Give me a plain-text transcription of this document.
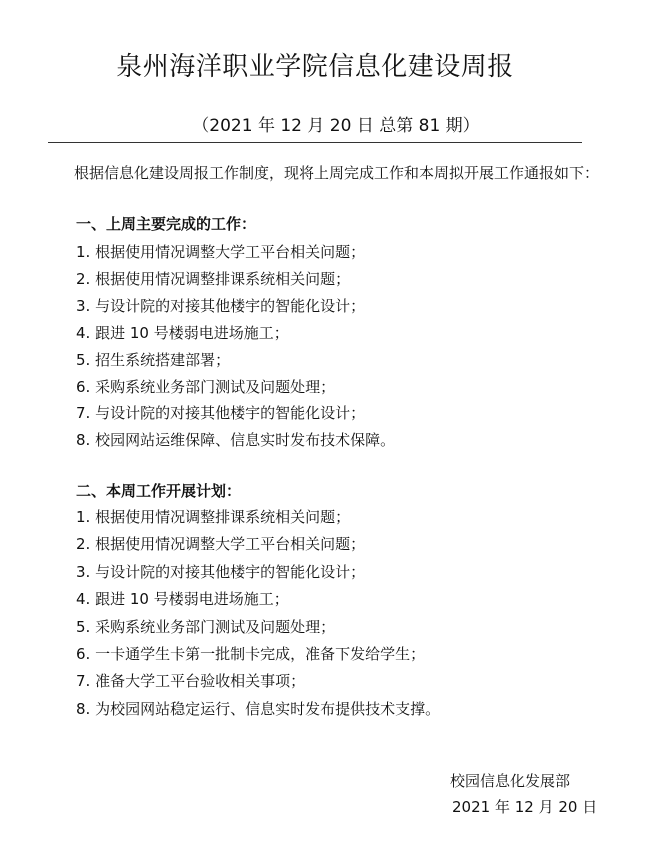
泉州海洋职业学院信息化建设周报
（2021 年 12 月 20 日 总第 81 期）
根据信息化建设周报工作制度，现将上周完成工作和本周拟开展工作通报如下：
一、上周主要完成的工作：
1. 根据使用情况调整大学工平台相关问题；
2. 根据使用情况调整排课系统相关问题；
3. 与设计院的对接其他楼宇的智能化设计；
4. 跟进 10 号楼弱电进场施工；
5. 招生系统搭建部署；
6. 采购系统业务部门测试及问题处理；
7. 与设计院的对接其他楼宇的智能化设计；
8. 校园网站运维保障、信息实时发布技术保障。
二、本周工作开展计划：
1. 根据使用情况调整排课系统相关问题；
2. 根据使用情况调整大学工平台相关问题；
3. 与设计院的对接其他楼宇的智能化设计；
4. 跟进 10 号楼弱电进场施工；
5. 采购系统业务部门测试及问题处理；
6. 一卡通学生卡第一批制卡完成，准备下发给学生；
7. 准备大学工平台验收相关事项；
8. 为校园网站稳定运行、信息实时发布提供技术支撑。
校园信息化发展部
2021 年 12 月 20 日
